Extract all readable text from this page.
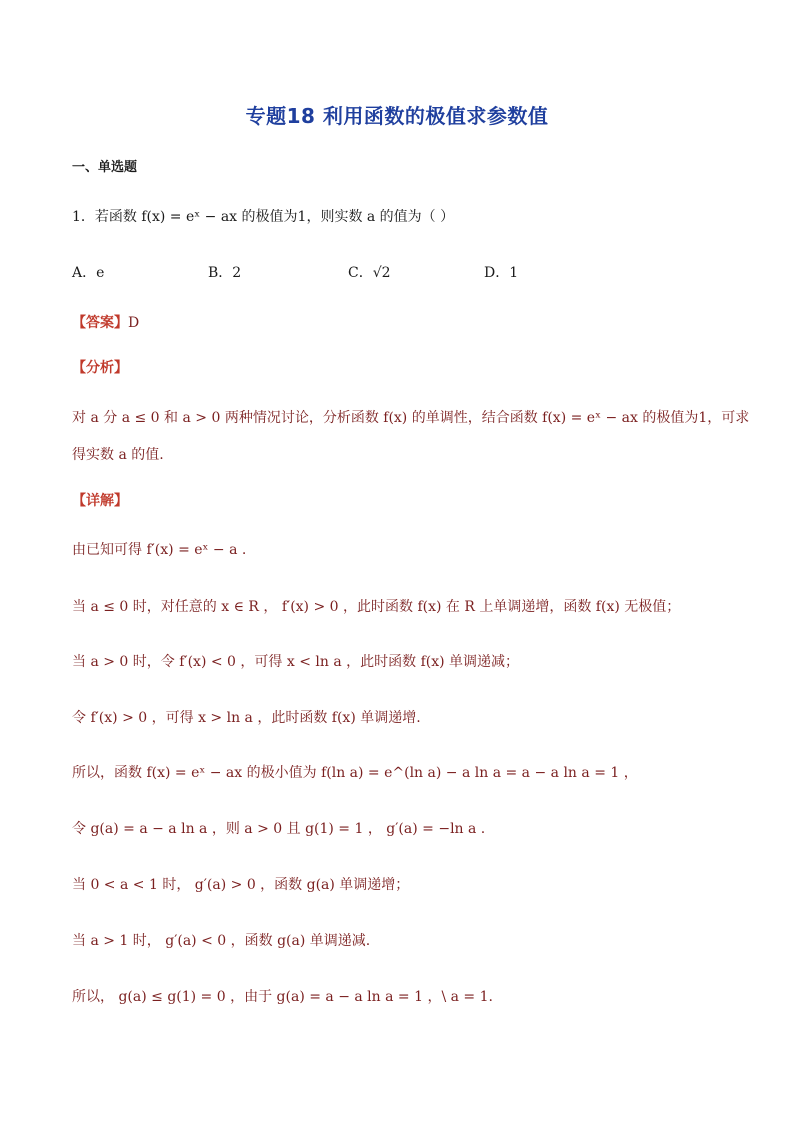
专题18 利用函数的极值求参数值
一、单选题
1．若函数 f(x) = eˣ − ax 的极值为1，则实数 a 的值为（ ）
A．e	B．2	C．√2	D．1
【答案】D
【分析】
对 a 分 a ≤ 0 和 a > 0 两种情况讨论，分析函数 f(x) 的单调性，结合函数 f(x) = eˣ − ax 的极值为1，可求
得实数 a 的值.
【详解】
由已知可得 f′(x) = eˣ − a .
当 a ≤ 0 时，对任意的 x ∈ R ， f′(x) > 0 ，此时函数 f(x) 在 R 上单调递增，函数 f(x) 无极值；
当 a > 0 时，令 f′(x) < 0 ，可得 x < ln a ，此时函数 f(x) 单调递减；
令 f′(x) > 0 ，可得 x > ln a ，此时函数 f(x) 单调递增.
所以，函数 f(x) = eˣ − ax 的极小值为 f(ln a) = e^(ln a) − a ln a = a − a ln a = 1 ，
令 g(a) = a − a ln a ，则 a > 0 且 g(1) = 1 ， g′(a) = −ln a .
当 0 < a < 1 时， g′(a) > 0 ，函数 g(a) 单调递增；
当 a > 1 时， g′(a) < 0 ，函数 g(a) 单调递减.
所以， g(a) ≤ g(1) = 0 ，由于 g(a) = a − a ln a = 1 ，\ a = 1.
